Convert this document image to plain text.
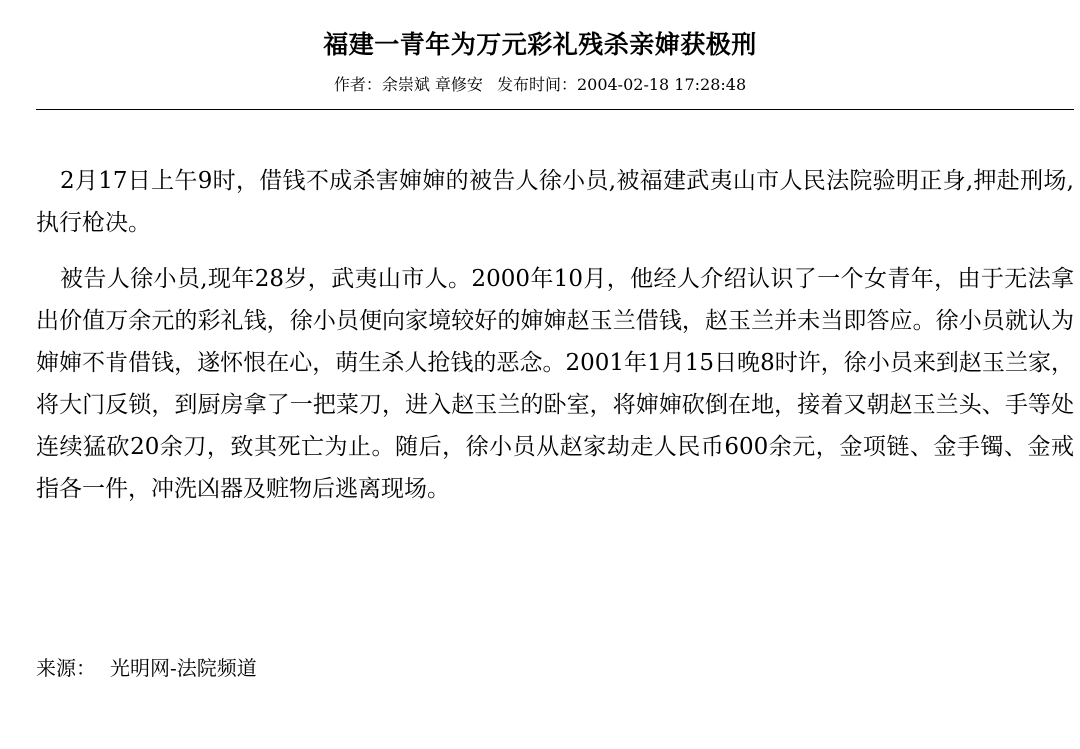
福建一青年为万元彩礼残杀亲婶获极刑
作者：余崇斌 章修安 发布时间：2004-02-18 17:28:48

2月17日上午9时，借钱不成杀害婶婶的被告人徐小员,被福建武夷山市人民法院验明正身,押赴刑场,执行枪决。

被告人徐小员,现年28岁，武夷山市人。2000年10月，他经人介绍认识了一个女青年，由于无法拿出价值万余元的彩礼钱，徐小员便向家境较好的婶婶赵玉兰借钱，赵玉兰并未当即答应。徐小员就认为婶婶不肯借钱，遂怀恨在心，萌生杀人抢钱的恶念。2001年1月15日晚8时许，徐小员来到赵玉兰家，将大门反锁，到厨房拿了一把菜刀，进入赵玉兰的卧室，将婶婶砍倒在地，接着又朝赵玉兰头、手等处连续猛砍20余刀，致其死亡为止。随后，徐小员从赵家劫走人民币600余元，金项链、金手镯、金戒指各一件，冲洗凶器及赃物后逃离现场。

来源： 光明网-法院频道
